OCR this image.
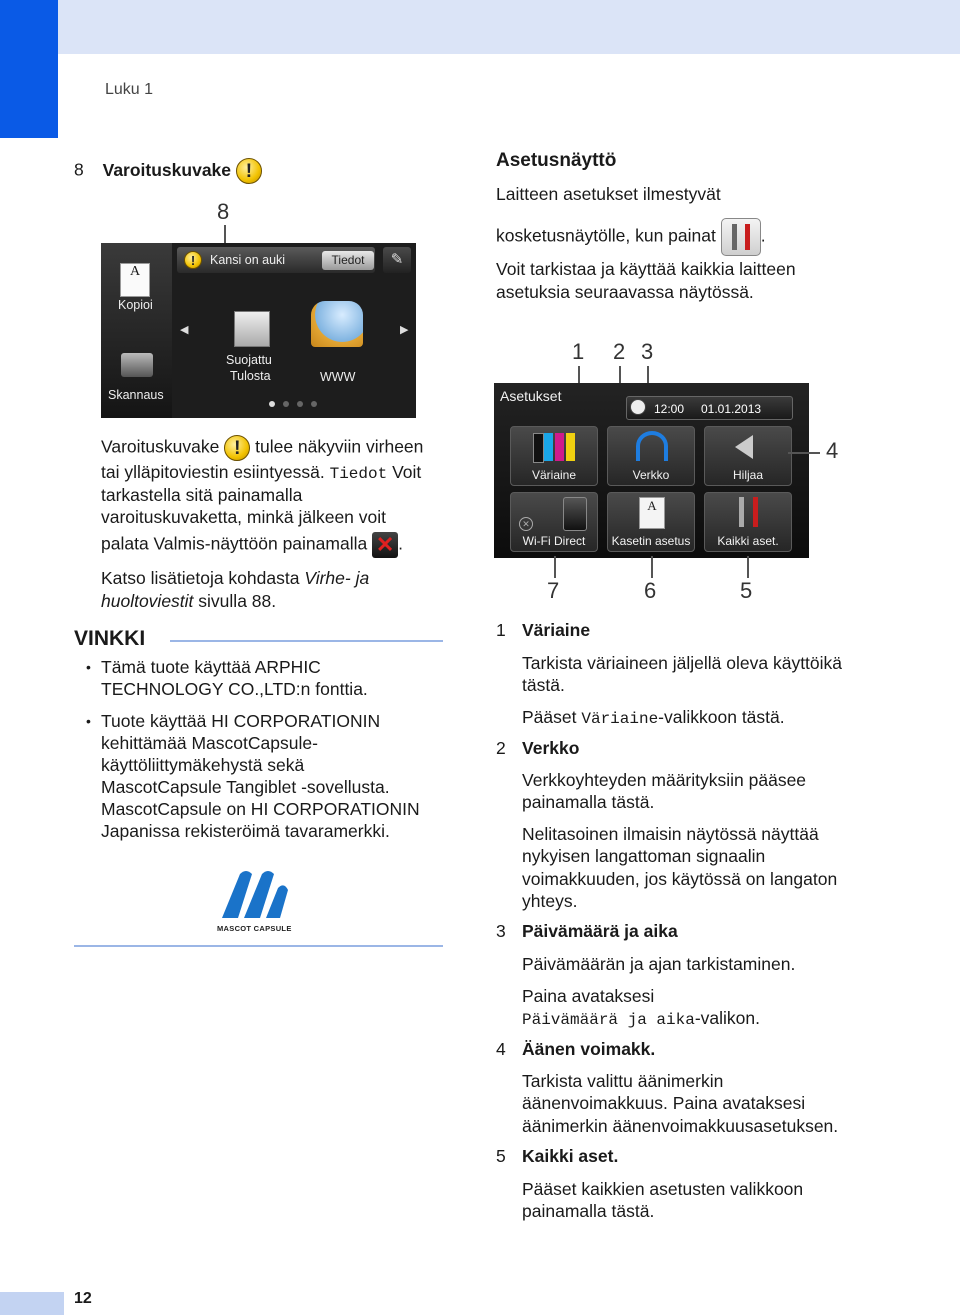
Luku 1
8 Varoituskuvake !
8
A
Kopioi
Skannaus
!	Kansi on auki	Tiedot	✎
◀	▶
Suojattu
Tulosta	WWW
Varoituskuvake ! tulee näkyviin virheen
tai ylläpitoviestin esiintyessä. Tiedot Voit
tarkastella sitä painamalla
varoituskuvaketta, minkä jälkeen voit
palata Valmis-näyttöön painamalla ✕ .
Katso lisätietoja kohdasta Virhe- ja
huoltoviestit sivulla 88.
VINKKI
• Tämä tuote käyttää ARPHIC
TECHNOLOGY CO.,LTD:n fonttia.
• Tuote käyttää HI CORPORATIONIN
kehittämää MascotCapsule-
käyttöliittymäkehystä sekä
MascotCapsule Tangiblet -sovellusta.
MascotCapsule on HI CORPORATIONIN
Japanissa rekisteröimä tavaramerkki.
MASCOT CAPSULE
Asetusnäyttö
Laitteen asetukset ilmestyvät
kosketusnäytölle, kun painat	.
Voit tarkistaa ja käyttää kaikkia laitteen
asetuksia seuraavassa näytössä.
1 2 3
Asetukset
12:00 01.01.2013
Väriaine	Verkko	Hiljaa
✕
Wi-Fi Direct
A
Kasetin asetus	Kaikki aset.
4
7	6	5
1 Väriaine
Tarkista väriaineen jäljellä oleva käyttöikä
tästä.
Pääset Väriaine-valikkoon tästä.
2 Verkko
Verkkoyhteyden määrityksiin pääsee
painamalla tästä.
Nelitasoinen ilmaisin näytössä näyttää
nykyisen langattoman signaalin
voimakkuuden, jos käytössä on langaton
yhteys.
3 Päivämäärä ja aika
Päivämäärän ja ajan tarkistaminen.
Paina avataksesi
Päivämäärä ja aika-valikon.
4 Äänen voimakk.
Tarkista valittu äänimerkin
äänenvoimakkuus. Paina avataksesi
äänimerkin äänenvoimakkuusasetuksen.
5 Kaikki aset.
Pääset kaikkien asetusten valikkoon
painamalla tästä.
12
